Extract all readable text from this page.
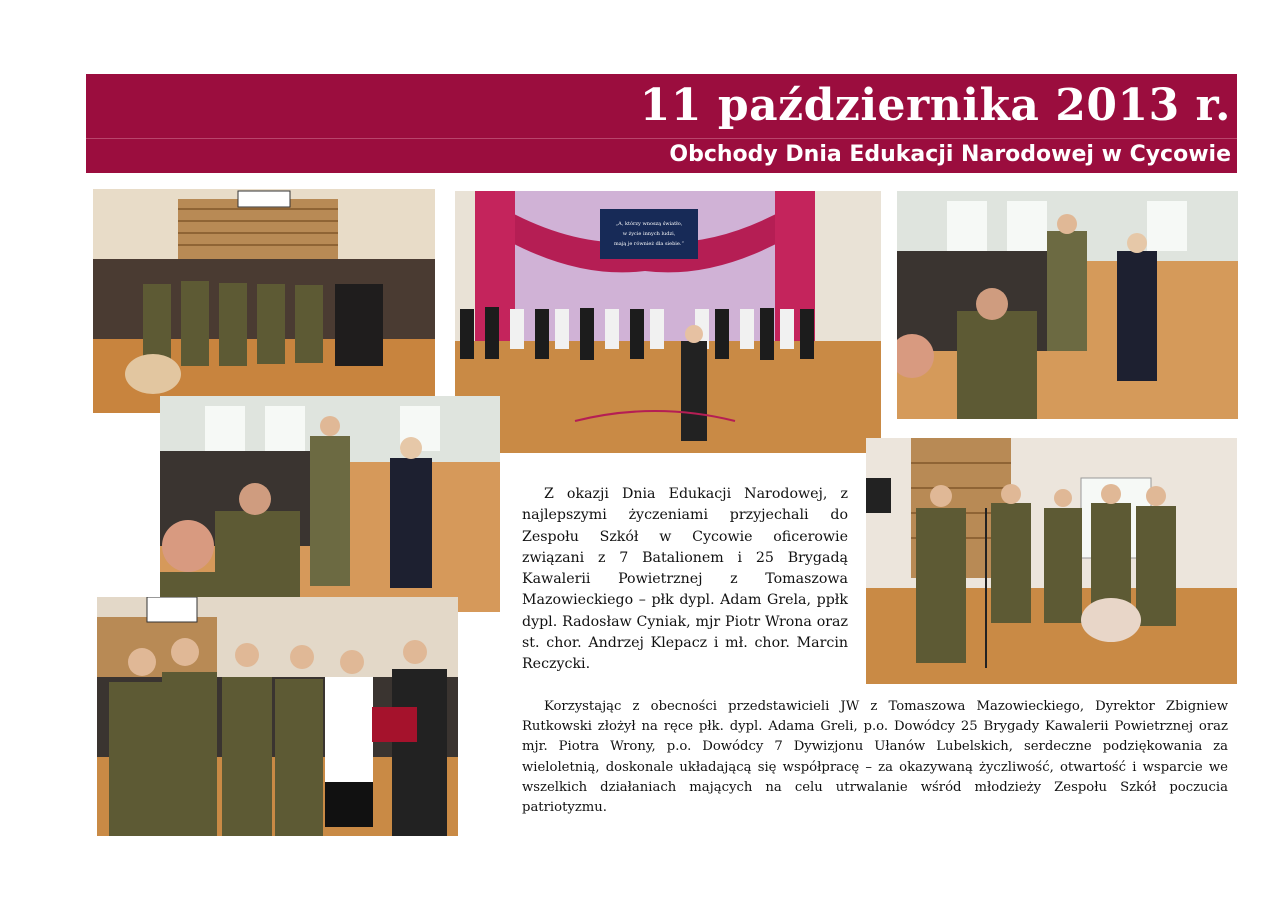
11 października 2013 r.
Obchody Dnia Edukacji Narodowej w Cycowie
„A, którzy wnoszą światło,
w życie innych ludzi,
mają je również dla siebie.”

Z okazji Dnia Edukacji Narodowej, z najlepszymi życzeniami przyjechali do Zespołu Szkół w Cycowie oficerowie związani z 7 Batalionem i 25 Brygadą Kawalerii Powietrznej z Tomaszowa Mazowieckiego – płk dypl. Adam Grela, ppłk dypl. Radosław Cyniak, mjr Piotr Wrona oraz st. chor. Andrzej Klepacz i mł. chor. Marcin Reczycki.

Korzystając z obecności przedstawicieli JW z Tomaszowa Mazowieckiego, Dyrektor Zbigniew Rutkowski złożył na ręce płk. dypl. Adama Greli, p.o. Dowódcy 25 Brygady Kawalerii Powietrznej oraz mjr. Piotra Wrony, p.o. Dowódcy 7 Dywizjonu Ułanów Lubelskich, serdeczne podziękowania za wieloletnią, doskonale układającą się współpracę – za okazywaną życzliwość, otwartość i wsparcie we wszelkich działaniach mających na celu utrwalanie wśród młodzieży Zespołu Szkół poczucia patriotyzmu.
